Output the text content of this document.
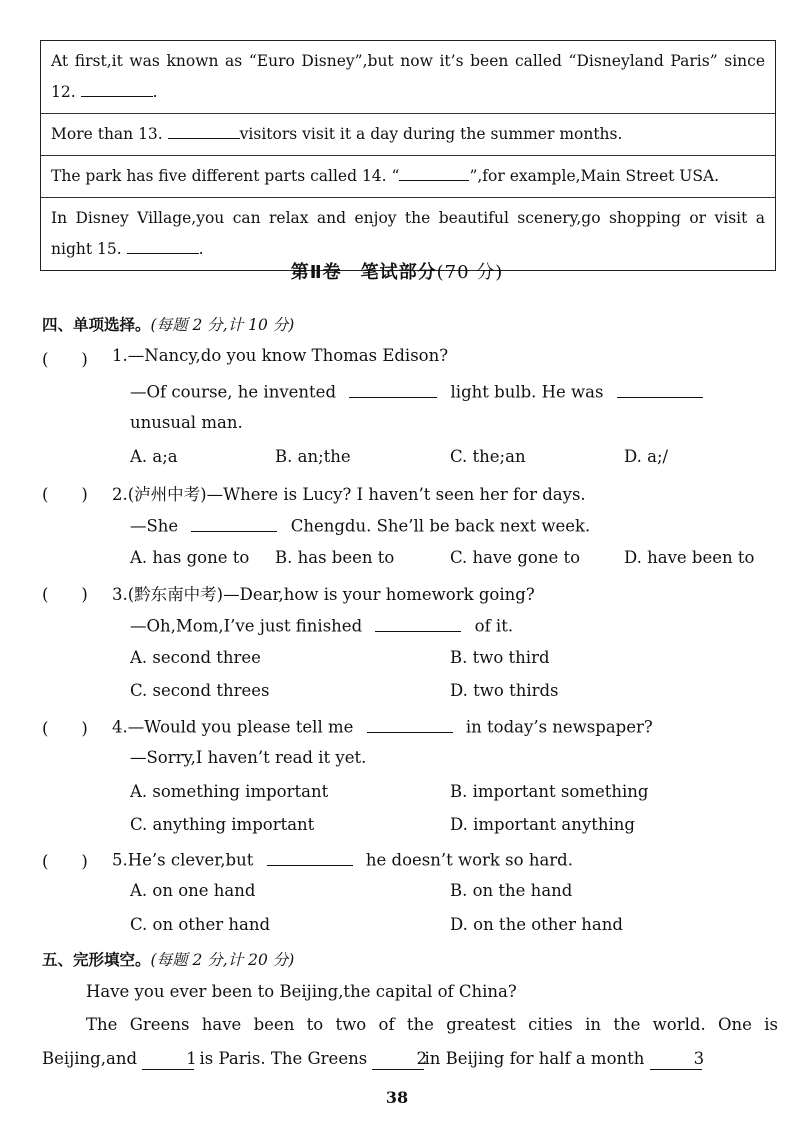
At first,it was known as “Euro Disney”,but now it’s been called “Disneyland Paris” since 12.	.
More than 13.	visitors visit it a day during the summer months.
The park has five different parts called 14. “	”,for example,Main Street USA.
In Disney Village,you can relax and enjoy the beautiful scenery,go shopping or visit a night 15.	.
第Ⅱ卷　笔试部分(70 分)
四、单项选择。(每题 2 分,计 10 分)
(　　) 1.—Nancy,do you know Thomas Edison?
—Of course, he invented	light bulb. He was
unusual man.
A. a;a	B. an;the	C. the;an	D. a;/
(　　) 2.(泸州中考)—Where is Lucy? I haven’t seen her for days.
—She	Chengdu. She’ll be back next week.
A. has gone to B. has been to	C. have gone to	D. have been to
(　　) 3.(黔东南中考)—Dear,how is your homework going?
—Oh,Mom,I’ve just finished	of it.
A. second three	B. two third
C. second threes	D. two thirds
(　　) 4.—Would you please tell me	in today’s newspaper?
—Sorry,I haven’t read it yet.
A. something important	B. important something
C. anything important	D. important anything
(　　) 5.He’s clever,but	he doesn’t work so hard.
A. on one hand	B. on the hand
C. on other hand	D. on the other hand
五、完形填空。(每题 2 分,计 20 分)
Have you ever been to Beijing,the capital of China?
The Greens have been to two of the greatest cities in the world. One is Beijing,and	1 is Paris. The Greens	2in Beijing for half a month	3
38
